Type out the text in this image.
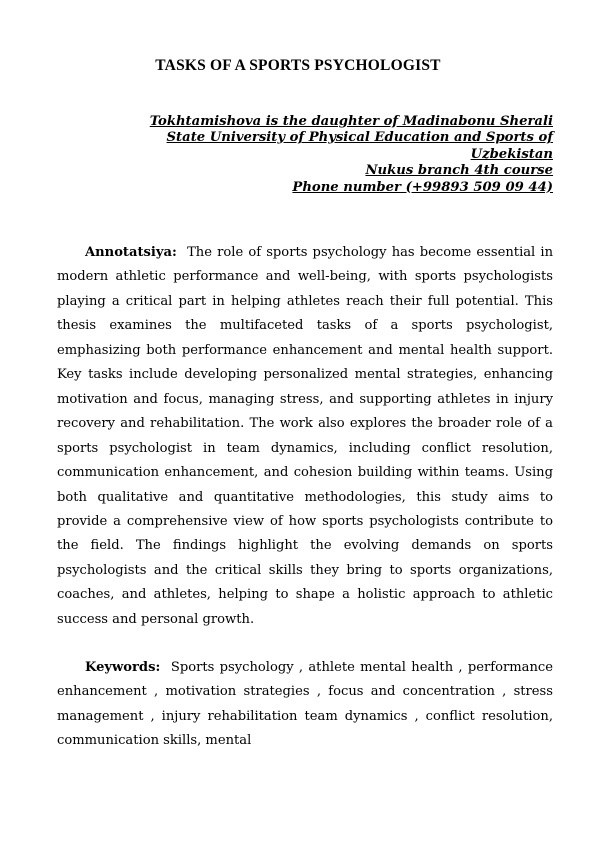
TASKS OF A SPORTS PSYCHOLOGIST
Tokhtamishova is the daughter of Madinabonu Sherali
State University of Physical Education and Sports of
Uzbekistan
Nukus branch 4th course
Phone number (+99893 509 09 44)

Annotatsiya: The role of sports psychology has become essential in modern athletic performance and well-being, with sports psychologists playing a critical part in helping athletes reach their full potential. This thesis examines the multifaceted tasks of a sports psychologist, emphasizing both performance enhancement and mental health support. Key tasks include developing personalized mental strategies, enhancing motivation and focus, managing stress, and supporting athletes in injury recovery and rehabilitation. The work also explores the broader role of a sports psychologist in team dynamics, including conflict resolution, communication enhancement, and cohesion building within teams. Using both qualitative and quantitative methodologies, this study aims to provide a comprehensive view of how sports psychologists contribute to the field. The findings highlight the evolving demands on sports psychologists and the critical skills they bring to sports organizations, coaches, and athletes, helping to shape a holistic approach to athletic success and personal growth.

Keywords: Sports psychology , athlete mental health , performance enhancement , motivation strategies , focus and concentration , stress management , injury rehabilitation team dynamics , conflict resolution, communication skills, mental
